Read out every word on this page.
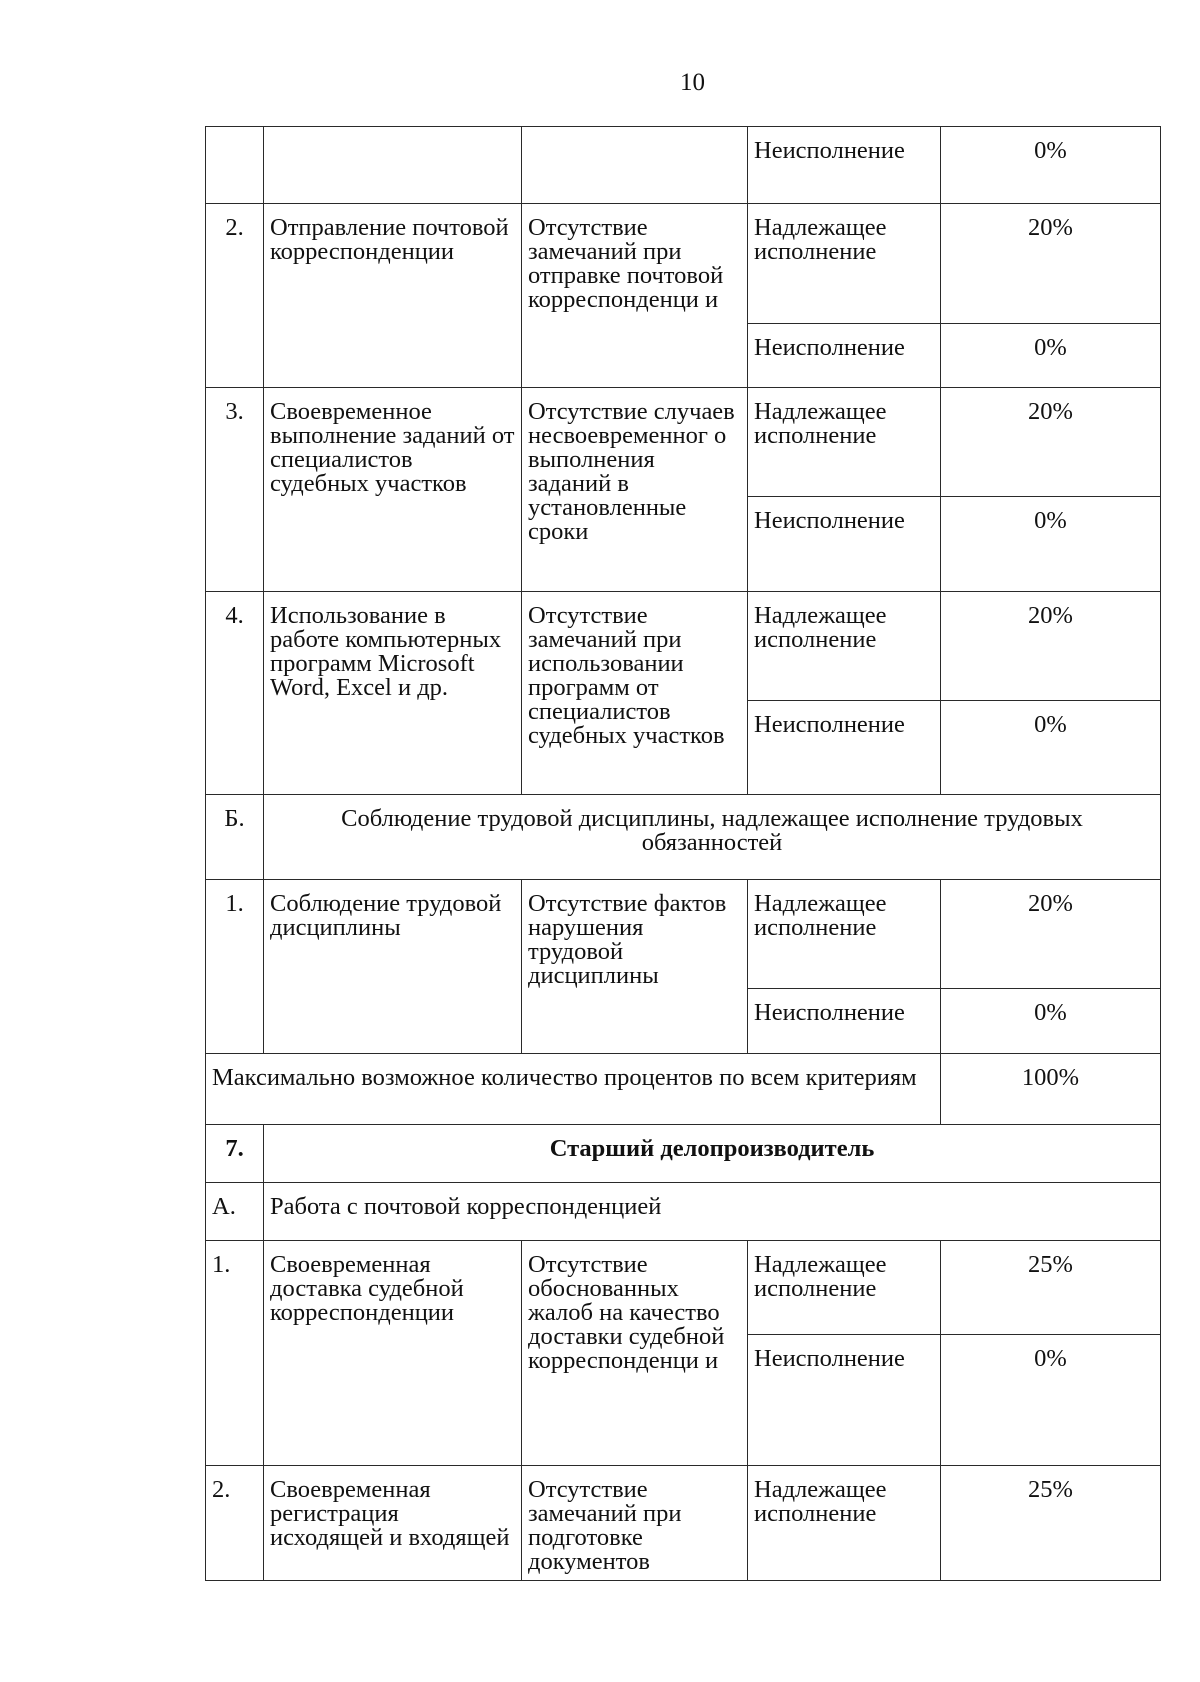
10
			Неисполнение	0%
2.	Отправление почтовой корреспонденции	Отсутствие замечаний при отправке почтовой корреспонденци и	Надлежащее исполнение	20%
			Неисполнение	0%
3.	Своевременное выполнение заданий от специалистов судебных участков	Отсутствие случаев несвоевременног о выполнения заданий в установленные сроки	Надлежащее исполнение	20%
			Неисполнение	0%
4.	Использование в работе компьютерных программ Microsoft Word, Excel и др.	Отсутствие замечаний при использовании программ от специалистов судебных участков	Надлежащее исполнение	20%
			Неисполнение	0%
Б.	Соблюдение трудовой дисциплины, надлежащее исполнение трудовых обязанностей			
1.	Соблюдение трудовой дисциплины	Отсутствие фактов нарушения трудовой дисциплины	Надлежащее исполнение	20%
			Неисполнение	0%
Максимально возможное количество процентов по всем критериям				100%
7.	Старший делопроизводитель			
А.	Работа с почтовой корреспонденцией			
1.	Своевременная доставка судебной корреспонденции	Отсутствие обоснованных жалоб на качество доставки судебной корреспонденци и	Надлежащее исполнение	25%
			Неисполнение	0%
2.	Своевременная регистрация исходящей и входящей	Отсутствие замечаний при подготовке документов	Надлежащее исполнение	25%
